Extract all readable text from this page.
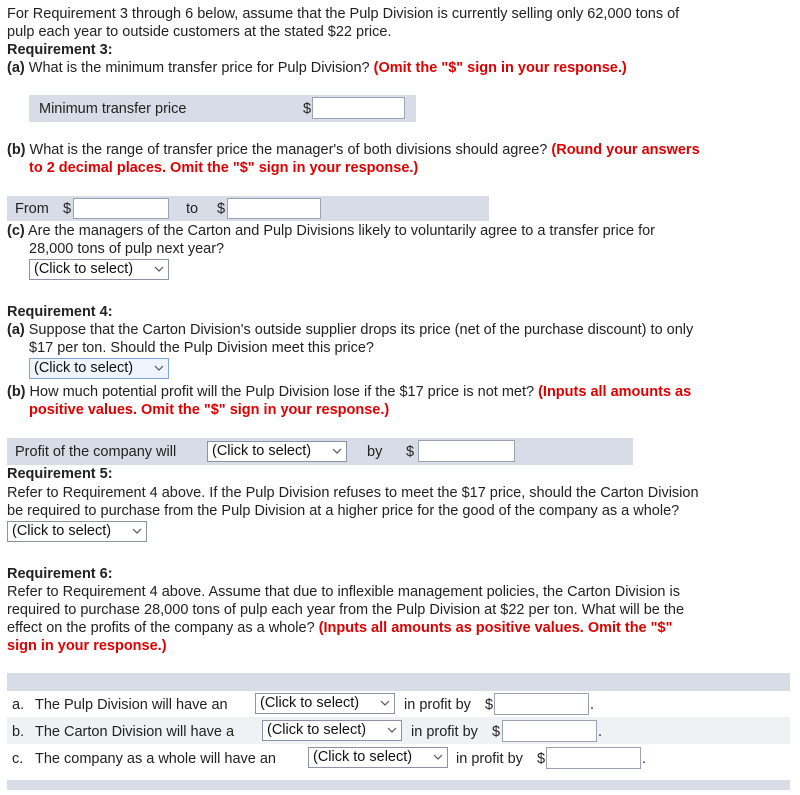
For Requirement 3 through 6 below, assume that the Pulp Division is currently selling only 62,000 tons of
pulp each year to outside customers at the stated $22 price.
Requirement 3:
(a) What is the minimum transfer price for Pulp Division? (Omit the "$" sign in your response.)
Minimum transfer price	$
(b) What is the range of transfer price the manager's of both divisions should agree? (Round your answers
to 2 decimal places. Omit the "$" sign in your response.)
From $	to $
(c) Are the managers of the Carton and Pulp Divisions likely to voluntarily agree to a transfer price for
28,000 tons of pulp next year?
(Click to select)
Requirement 4:
(a) Suppose that the Carton Division's outside supplier drops its price (net of the purchase discount) to only
$17 per ton. Should the Pulp Division meet this price?
(Click to select)
(b) How much potential profit will the Pulp Division lose if the $17 price is not met? (Inputs all amounts as
positive values. Omit the "$" sign in your response.)
Profit of the company will	(Click to select)	by $
Requirement 5:
Refer to Requirement 4 above. If the Pulp Division refuses to meet the $17 price, should the Carton Division
be required to purchase from the Pulp Division at a higher price for the good of the company as a whole?
(Click to select)
Requirement 6:
Refer to Requirement 4 above. Assume that due to inflexible management policies, the Carton Division is
required to purchase 28,000 tons of pulp each year from the Pulp Division at $22 per ton. What will be the
effect on the profits of the company as a whole? (Inputs all amounts as positive values. Omit the "$"
sign in your response.)
a. The Pulp Division will have an	(Click to select)	in profit by $	.
b. The Carton Division will have a	(Click to select)	in profit by $	.
c. The company as a whole will have an	(Click to select)	in profit by $	.
